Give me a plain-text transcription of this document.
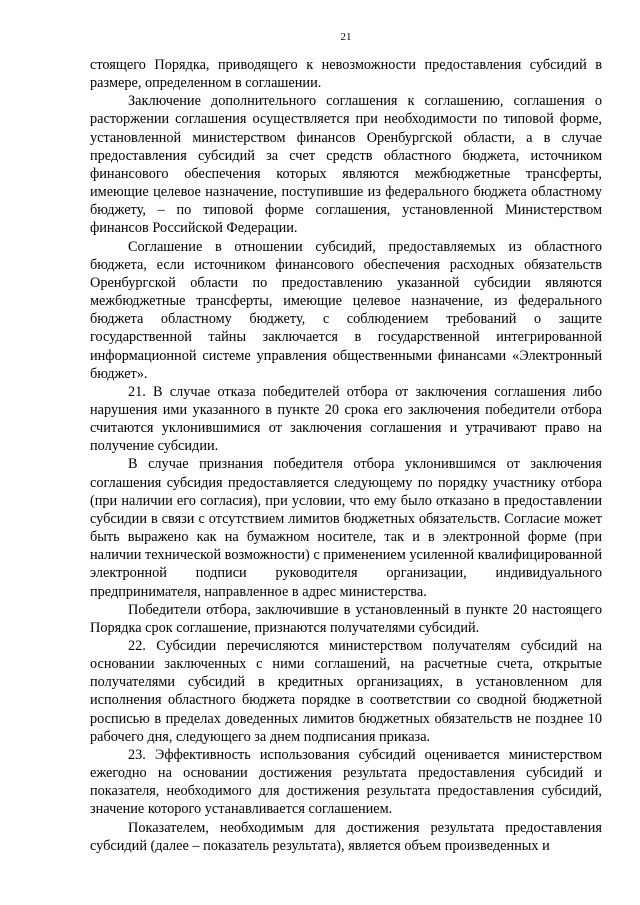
21

стоящего Порядка, приводящего к невозможности предоставления субсидий в размере, определенном в соглашении.

Заключение дополнительного соглашения к соглашению, соглашения о расторжении соглашения осуществляется при необходимости по типовой форме, установленной министерством финансов Оренбургской области, а в случае предоставления субсидий за счет средств областного бюджета, источником финансового обеспечения которых являются межбюджетные трансферты, имеющие целевое назначение, поступившие из федерального бюджета областному бюджету, – по типовой форме соглашения, установленной Министерством финансов Российской Федерации.

Соглашение в отношении субсидий, предоставляемых из областного бюджета, если источником финансового обеспечения расходных обязательств Оренбургской области по предоставлению указанной субсидии являются межбюджетные трансферты, имеющие целевое назначение, из федерального бюджета областному бюджету, с соблюдением требований о защите государственной тайны заключается в государственной интегрированной информационной системе управления общественными финансами «Электронный бюджет».

21. В случае отказа победителей отбора от заключения соглашения либо нарушения ими указанного в пункте 20 срока его заключения победители отбора считаются уклонившимися от заключения соглашения и утрачивают право на получение субсидии.

В случае признания победителя отбора уклонившимся от заключения соглашения субсидия предоставляется следующему по порядку участнику отбора (при наличии его согласия), при условии, что ему было отказано в предоставлении субсидии в связи с отсутствием лимитов бюджетных обязательств. Согласие может быть выражено как на бумажном носителе, так и в электронной форме (при наличии технической возможности) с применением усиленной квалифицированной электронной подписи руководителя организации, индивидуального предпринимателя, направленное в адрес министерства.

Победители отбора, заключившие в установленный в пункте 20 настоящего Порядка срок соглашение, признаются получателями субсидий.

22. Субсидии перечисляются министерством получателям субсидий на основании заключенных с ними соглашений, на расчетные счета, открытые получателями субсидий в кредитных организациях, в установленном для исполнения областного бюджета порядке в соответствии со сводной бюджетной росписью в пределах доведенных лимитов бюджетных обязательств не позднее 10 рабочего дня, следующего за днем подписания приказа.

23. Эффективность использования субсидий оценивается министерством ежегодно на основании достижения результата предоставления субсидий и показателя, необходимого для достижения результата предоставления субсидий, значение которого устанавливается соглашением.

Показателем, необходимым для достижения результата предоставления субсидий (далее – показатель результата), является объем произведенных и
